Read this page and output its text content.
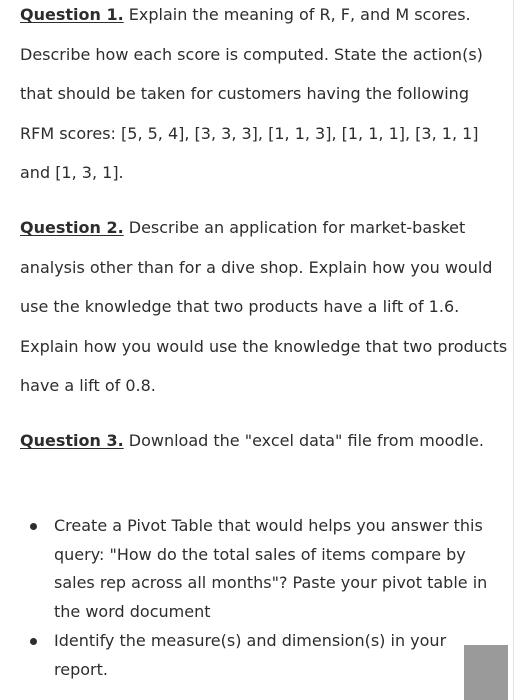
Question 1. Explain the meaning of R, F, and M scores. Describe how each score is computed. State the action(s) that should be taken for customers having the following RFM scores: [5, 5, 4], [3, 3, 3], [1, 1, 3], [1, 1, 1], [3, 1, 1] and [1, 3, 1].

Question 2. Describe an application for market-basket analysis other than for a dive shop. Explain how you would use the knowledge that two products have a lift of 1.6. Explain how you would use the knowledge that two products have a lift of 0.8.

Question 3. Download the "excel data" file from moodle.

Create a Pivot Table that would helps you answer this query: "How do the total sales of items compare by sales rep across all months"? Paste your pivot table in the word document
Identify the measure(s) and dimension(s) in your report.
